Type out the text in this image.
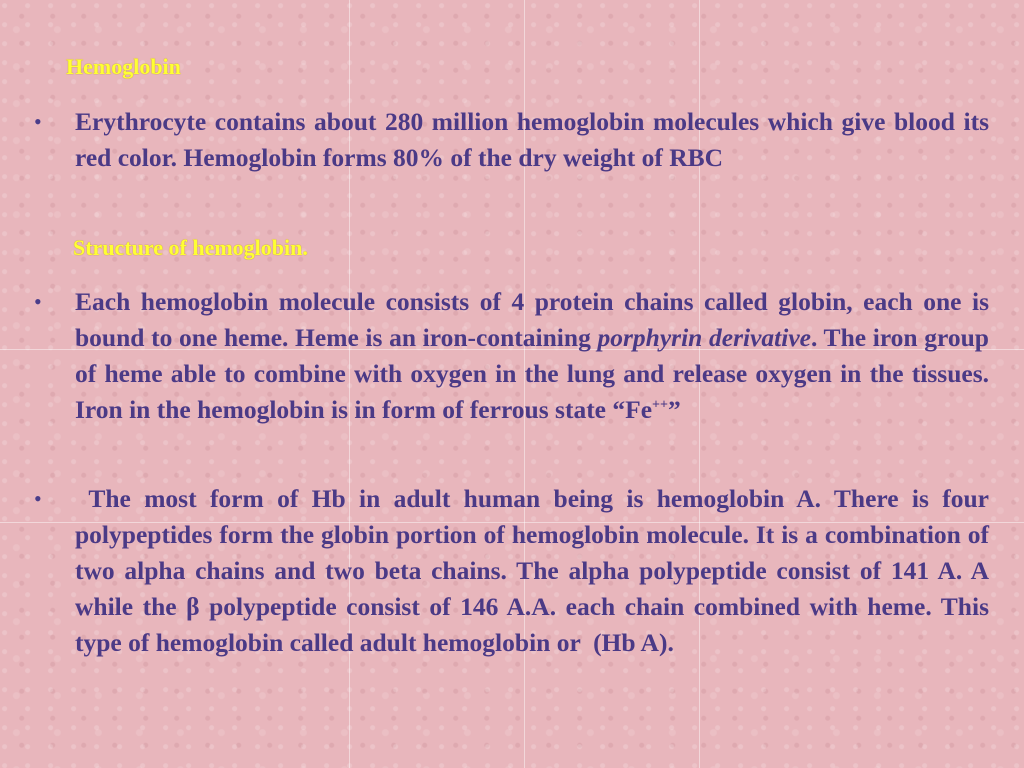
Hemoglobin
• Erythrocyte contains about 280 million hemoglobin molecules which give blood its red color. Hemoglobin forms 80% of the dry weight of RBC
Structure of hemoglobin.
• Each hemoglobin molecule consists of 4 protein chains called globin, each one is bound to one heme. Heme is an iron-containing porphyrin derivative. The iron group of heme able to combine with oxygen in the lung and release oxygen in the tissues. Iron in the hemoglobin is in form of ferrous state “Fe++”
• The most form of Hb in adult human being is hemoglobin A. There is four polypeptides form the globin portion of hemoglobin molecule. It is a combination of two alpha chains and two beta chains. The alpha polypeptide consist of 141 A. A while the β polypeptide consist of 146 A.A. each chain combined with heme. This type of hemoglobin called adult hemoglobin or  (Hb A).
